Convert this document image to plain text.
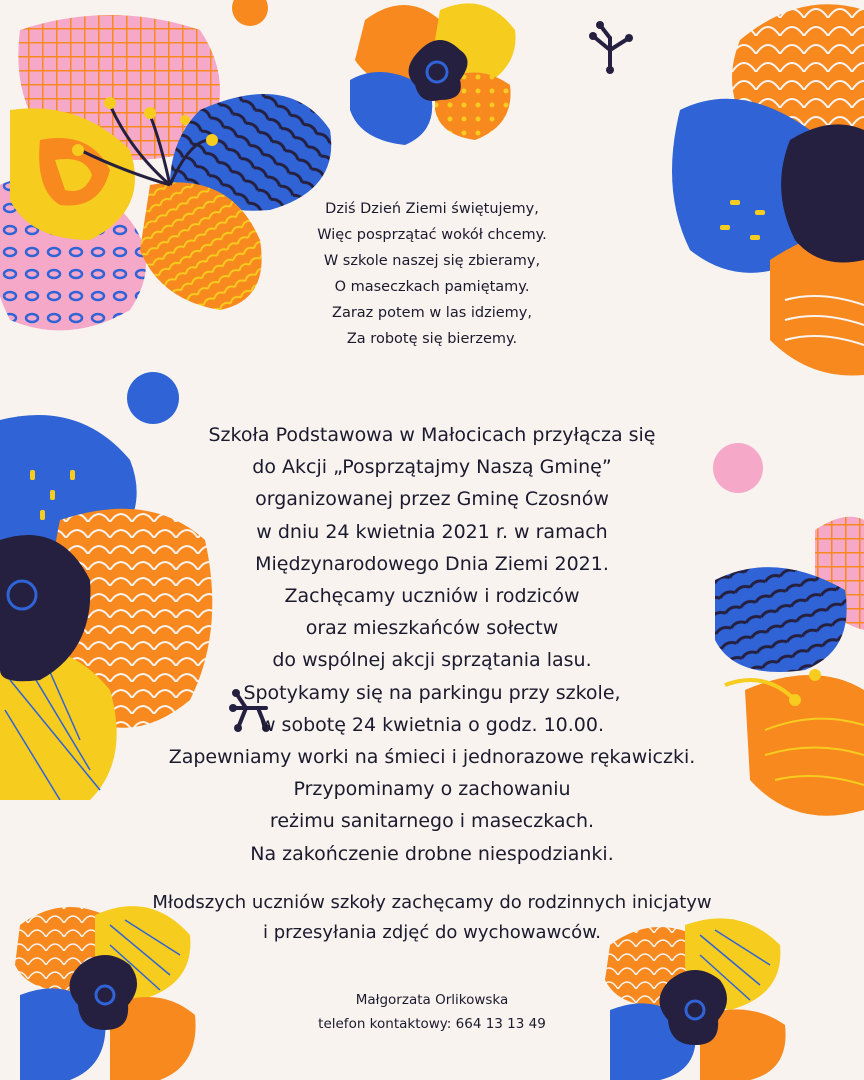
Dziś Dzień Ziemi świętujemy,
Więc posprzątać wokół chcemy.
W szkole naszej się zbieramy,
O maseczkach pamiętamy.
Zaraz potem w las idziemy,
Za robotę się bierzemy.
Szkoła Podstawowa w Małocicach przyłącza się
do Akcji „Posprzątajmy Naszą Gminę”
organizowanej przez Gminę Czosnów
w dniu 24 kwietnia 2021 r. w ramach
Międzynarodowego Dnia Ziemi 2021.
Zachęcamy uczniów i rodziców
oraz mieszkańców sołectw
do wspólnej akcji sprzątania lasu.
Spotykamy się na parkingu przy szkole,
w sobotę 24 kwietnia o godz. 10.00.
Zapewniamy worki na śmieci i jednorazowe rękawiczki.
Przypominamy o zachowaniu
reżimu sanitarnego i maseczkach.
Na zakończenie drobne niespodzianki.
Młodszych uczniów szkoły zachęcamy do rodzinnych inicjatyw
i przesyłania zdjęć do wychowawców.
Małgorzata Orlikowska
telefon kontaktowy: 664 13 13 49
